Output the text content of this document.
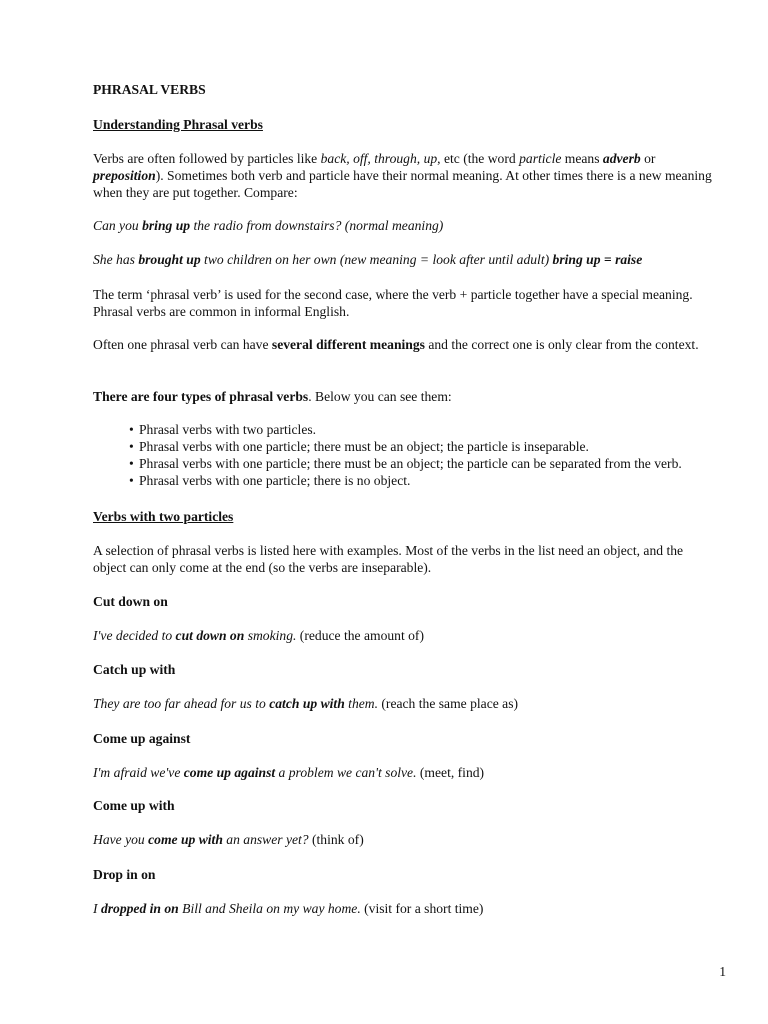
PHRASAL VERBS

Understanding Phrasal verbs

Verbs are often followed by particles like back, off, through, up, etc (the word particle means adverb or preposition). Sometimes both verb and particle have their normal meaning. At other times there is a new meaning when they are put together. Compare:

Can you bring up the radio from downstairs? (normal meaning)

She has brought up two children on her own (new meaning = look after until adult) bring up = raise

The term ‘phrasal verb’ is used for the second case, where the verb + particle together have a special meaning. Phrasal verbs are common in informal English.

Often one phrasal verb can have several different meanings and the correct one is only clear from the context.

There are four types of phrasal verbs. Below you can see them:

• Phrasal verbs with two particles.
• Phrasal verbs with one particle; there must be an object; the particle is inseparable.
• Phrasal verbs with one particle; there must be an object; the particle can be separated from the verb.
• Phrasal verbs with one particle; there is no object.

Verbs with two particles

A selection of phrasal verbs is listed here with examples. Most of the verbs in the list need an object, and the object can only come at the end (so the verbs are inseparable).

Cut down on

I've decided to cut down on smoking. (reduce the amount of)

Catch up with

They are too far ahead for us to catch up with them. (reach the same place as)

Come up against

I'm afraid we've come up against a problem we can't solve. (meet, find)

Come up with

Have you come up with an answer yet? (think of)

Drop in on

I dropped in on Bill and Sheila on my way home. (visit for a short time)

1
